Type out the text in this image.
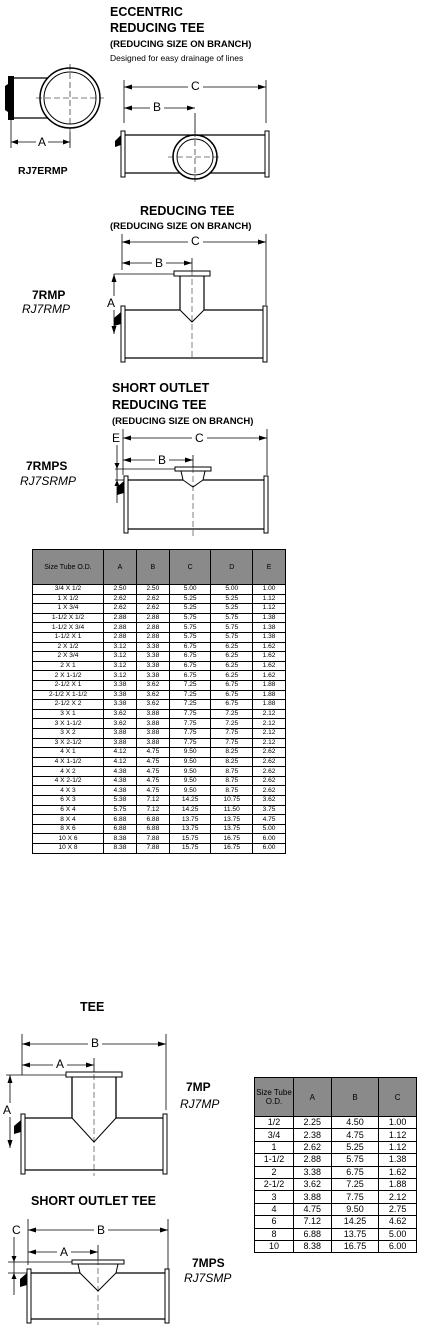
ECCENTRIC
REDUCING TEE
(REDUCING SIZE ON BRANCH)
Designed for easy drainage of lines
A
RJ7ERMP
C
B
REDUCING TEE
(REDUCING SIZE ON BRANCH)
7RMP
RJ7RMP
C
B
A
SHORT OUTLET
REDUCING TEE
(REDUCING SIZE ON BRANCH)
7RMPS
RJ7SRMP
C
E
B
Size Tube O.D.	A	B	C	D	E
3/4 X 1/2	2.50	2.50	5.00	5.00	1.00
1 X 1/2	2.62	2.62	5.25	5.25	1.12
1 X 3/4	2.62	2.62	5.25	5.25	1.12
1-1/2 X 1/2	2.88	2.88	5.75	5.75	1.38
1-1/2 X 3/4	2.88	2.88	5.75	5.75	1.38
1-1/2 X 1	2.88	2.88	5.75	5.75	1.38
2 X 1/2	3.12	3.38	6.75	6.25	1.62
2 X 3/4	3.12	3.38	6.75	6.25	1.62
2 X 1	3.12	3.38	6.75	6.25	1.62
2 X 1-1/2	3.12	3.38	6.75	6.25	1.62
2-1/2 X 1	3.38	3.62	7.25	6.75	1.88
2-1/2 X 1-1/2	3.38	3.62	7.25	6.75	1.88
2-1/2 X 2	3.38	3.62	7.25	6.75	1.88
3 X 1	3.62	3.88	7.75	7.25	2.12
3 X 1-1/2	3.62	3.88	7.75	7.25	2.12
3 X 2	3.88	3.88	7.75	7.75	2.12
3 X 2-1/2	3.88	3.88	7.75	7.75	2.12
4 X 1	4.12	4.75	9.50	8.25	2.62
4 X 1-1/2	4.12	4.75	9.50	8.25	2.62
4 X 2	4.38	4.75	9.50	8.75	2.62
4 X 2-1/2	4.38	4.75	9.50	8.75	2.62
4 X 3	4.38	4.75	9.50	8.75	2.62
6 X 3	5.38	7.12	14.25	10.75	3.62
6 X 4	5.75	7.12	14.25	11.50	3.75
8 X 4	6.88	6.88	13.75	13.75	4.75
8 X 6	6.88	6.88	13.75	13.75	5.00
10 X 6	8.38	7.88	15.75	16.75	6.00
10 X 8	8.38	7.88	15.75	16.75	6.00
TEE
7MP
RJ7MP
B
A
A
SHORT OUTLET TEE
7MPS
RJ7SMP
B
C
A
Size Tube O.D.	A	B	C
1/2	2.25	4.50	1.00
3/4	2.38	4.75	1.12
1	2.62	5.25	1.12
1-1/2	2.88	5.75	1.38
2	3.38	6.75	1.62
2-1/2	3.62	7.25	1.88
3	3.88	7.75	2.12
4	4.75	9.50	2.75
6	7.12	14.25	4.62
8	6.88	13.75	5.00
10	8.38	16.75	6.00
